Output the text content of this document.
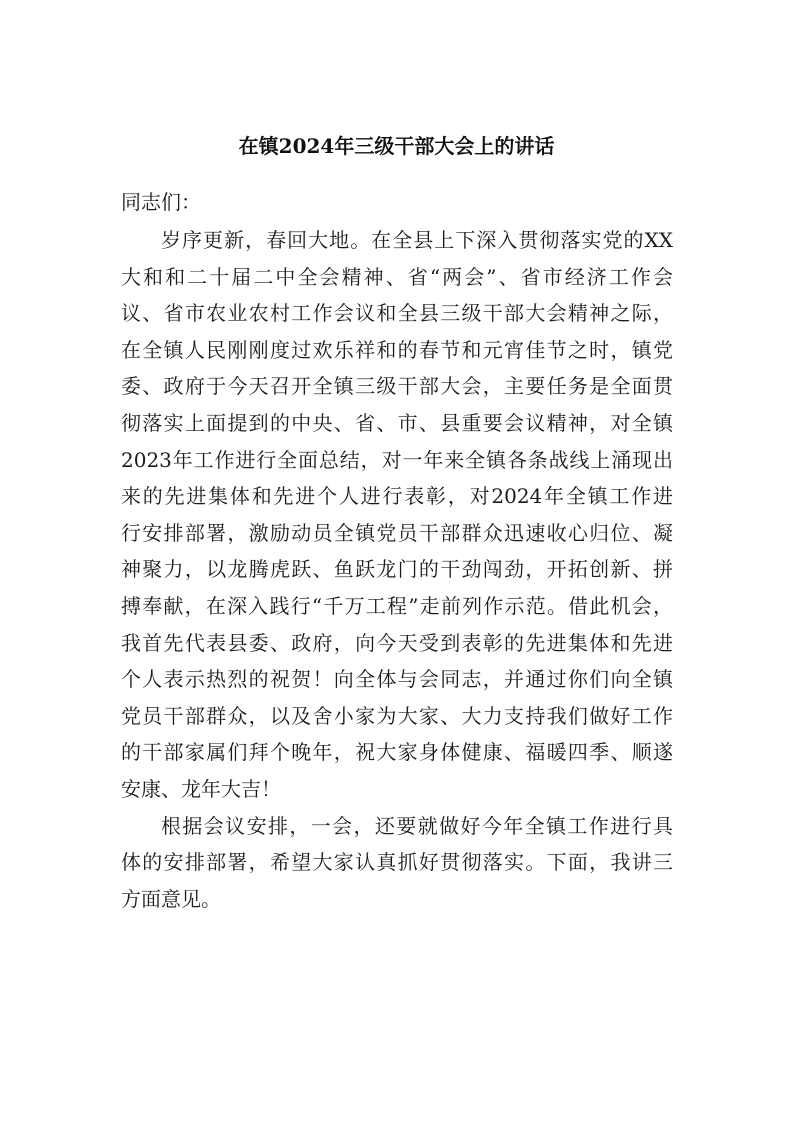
在镇2024年三级干部大会上的讲话

同志们：

岁序更新，春回大地。在全县上下深入贯彻落实党的XX
大和和二十届二中全会精神、省“两会”、省市经济工作会
议、省市农业农村工作会议和全县三级干部大会精神之际，
在全镇人民刚刚度过欢乐祥和的春节和元宵佳节之时，镇党
委、政府于今天召开全镇三级干部大会，主要任务是全面贯
彻落实上面提到的中央、省、市、县重要会议精神，对全镇
2023年工作进行全面总结，对一年来全镇各条战线上涌现出
来的先进集体和先进个人进行表彰，对2024年全镇工作进
行安排部署，激励动员全镇党员干部群众迅速收心归位、凝
神聚力，以龙腾虎跃、鱼跃龙门的干劲闯劲，开拓创新、拼
搏奉献，在深入践行“千万工程”走前列作示范。借此机会，
我首先代表县委、政府，向今天受到表彰的先进集体和先进
个人表示热烈的祝贺！向全体与会同志，并通过你们向全镇
党员干部群众，以及舍小家为大家、大力支持我们做好工作
的干部家属们拜个晚年，祝大家身体健康、福暖四季、顺遂
安康、龙年大吉！

根据会议安排，一会，还要就做好今年全镇工作进行具
体的安排部署，希望大家认真抓好贯彻落实。下面，我讲三
方面意见。
